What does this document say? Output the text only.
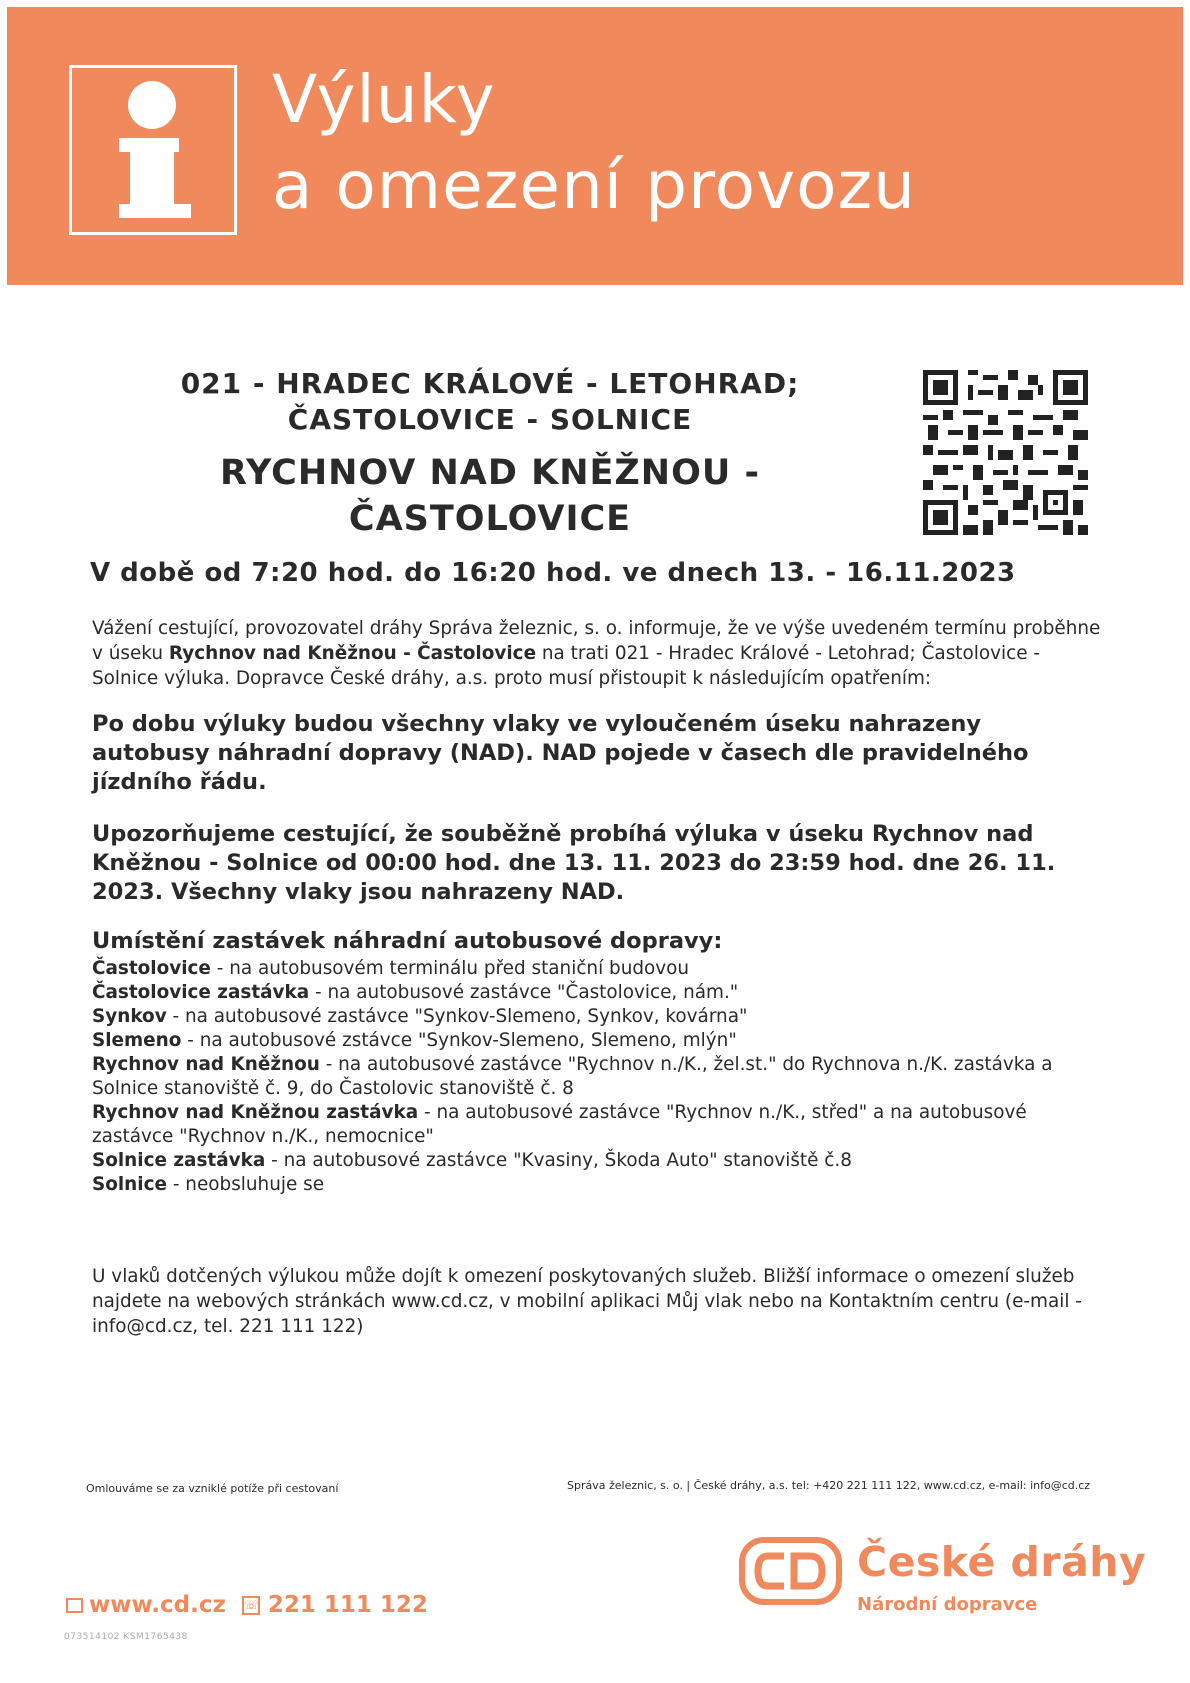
Výluky
a omezení provozu
021 - HRADEC KRÁLOVÉ - LETOHRAD;
ČASTOLOVICE - SOLNICE
RYCHNOV NAD KNĚŽNOU -
ČASTOLOVICE
V době od 7:20 hod. do 16:20 hod. ve dnech 13. - 16.11.2023
Vážení cestující, provozovatel dráhy Správa železnic, s. o. informuje, že ve výše uvedeném termínu proběhne v úseku Rychnov nad Kněžnou - Častolovice na trati 021 - Hradec Králové - Letohrad; Častolovice - Solnice výluka. Dopravce České dráhy, a.s. proto musí přistoupit k následujícím opatřením:
Po dobu výluky budou všechny vlaky ve vyloučeném úseku nahrazeny autobusy náhradní dopravy (NAD). NAD pojede v časech dle pravidelného jízdního řádu.
Upozorňujeme cestující, že souběžně probíhá výluka v úseku Rychnov nad Kněžnou - Solnice od 00:00 hod. dne 13. 11. 2023 do 23:59 hod. dne 26. 11. 2023. Všechny vlaky jsou nahrazeny NAD.
Umístění zastávek náhradní autobusové dopravy:
Častolovice - na autobusovém terminálu před staniční budovou
Častolovice zastávka - na autobusové zastávce "Častolovice, nám."
Synkov - na autobusové zastávce "Synkov-Slemeno, Synkov, kovárna"
Slemeno - na autobusové zstávce "Synkov-Slemeno, Slemeno, mlýn"
Rychnov nad Kněžnou - na autobusové zastávce "Rychnov n./K., žel.st." do Rychnova n./K. zastávka a Solnice stanoviště č. 9, do Častolovic stanoviště č. 8
Rychnov nad Kněžnou zastávka - na autobusové zastávce "Rychnov n./K., střed" a na autobusové zastávce "Rychnov n./K., nemocnice"
Solnice zastávka - na autobusové zastávce "Kvasiny, Škoda Auto" stanoviště č.8
Solnice - neobsluhuje se
U vlaků dotčených výlukou může dojít k omezení poskytovaných služeb. Bližší informace o omezení služeb najdete na webových stránkách www.cd.cz, v mobilní aplikaci Můj vlak nebo na Kontaktním centru (e-mail - info@cd.cz, tel. 221 111 122)
Omlouváme se za vzniklé potíže při cestovaní	Správa železnic, s. o. | České dráhy, a.s. tel: +420 221 111 122, www.cd.cz, e-mail: info@cd.cz
České dráhy
Národní dopravce
www.cd.cz ☏ 221 111 122
073514102 KSM1765438
